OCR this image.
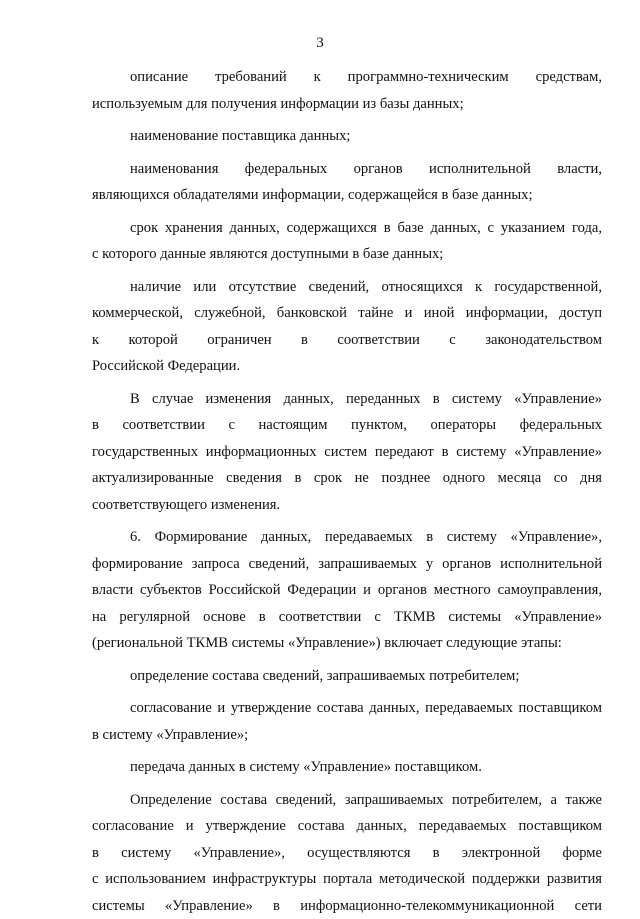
3
описание требований к программно-техническим средствам,
используемым для получения информации из базы данных;
наименование поставщика данных;
наименования федеральных органов исполнительной власти,
являющихся обладателями информации, содержащейся в базе данных;
срок хранения данных, содержащихся в базе данных, с указанием года,
с которого данные являются доступными в базе данных;
наличие или отсутствие сведений, относящихся к государственной,
коммерческой, служебной, банковской тайне и иной информации, доступ
к которой ограничен в соответствии с законодательством
Российской Федерации.
В случае изменения данных, переданных в систему «Управление»
в соответствии с настоящим пунктом, операторы федеральных
государственных информационных систем передают в систему «Управление»
актуализированные сведения в срок не позднее одного месяца со дня
соответствующего изменения.
6. Формирование данных, передаваемых в систему «Управление»,
формирование запроса сведений, запрашиваемых у органов исполнительной
власти субъектов Российской Федерации и органов местного самоуправления,
на регулярной основе в соответствии с ТКМВ системы «Управление»
(региональной ТКМВ системы «Управление») включает следующие этапы:
определение состава сведений, запрашиваемых потребителем;
согласование и утверждение состава данных, передаваемых поставщиком
в систему «Управление»;
передача данных в систему «Управление» поставщиком.
Определение состава сведений, запрашиваемых потребителем, а также
согласование и утверждение состава данных, передаваемых поставщиком
в систему «Управление», осуществляются в электронной форме
с использованием инфраструктуры портала методической поддержки развития
системы «Управление» в информационно-телекоммуникационной сети
